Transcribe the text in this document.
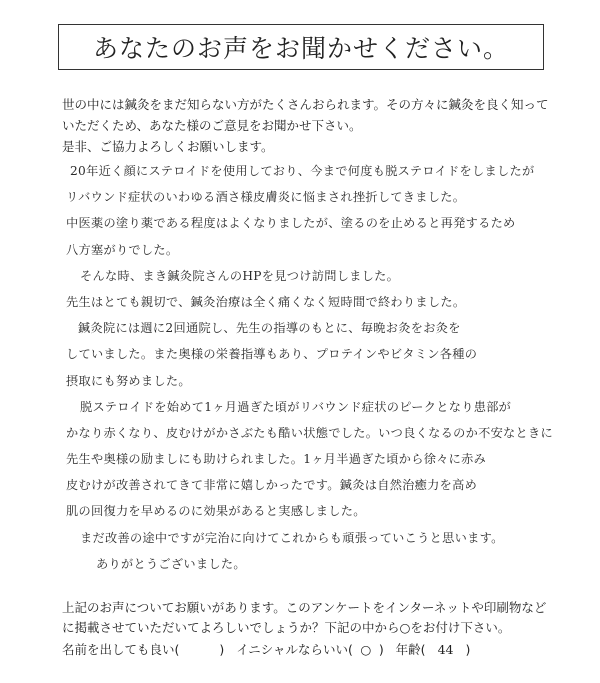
あなたのお声をお聞かせください。
世の中には鍼灸をまだ知らない方がたくさんおられます。その方々に鍼灸を良く知って
いただくため、あなた様のご意見をお聞かせ下さい。
是非、ご協力よろしくお願いします。
20年近く顔にステロイドを使用しており、今まで何度も脱ステロイドをしましたが
リバウンド症状のいわゆる酒さ様皮膚炎に悩まされ挫折してきました。
中医薬の塗り薬である程度はよくなりましたが、塗るのを止めると再発するため
八方塞がりでした。
そんな時、まき鍼灸院さんのHPを見つけ訪問しました。
先生はとても親切で、鍼灸治療は全く痛くなく短時間で終わりました。
鍼灸院には週に2回通院し、先生の指導のもとに、毎晩お灸をお灸を
していました。また奥様の栄養指導もあり、プロテインやビタミン各種の
摂取にも努めました。
脱ステロイドを始めて1ヶ月過ぎた頃がリバウンド症状のピークとなり患部が
かなり赤くなり、皮むけがかさぶたも酷い状態でした。いつ良くなるのか不安なときに
先生や奥様の励ましにも助けられました。1ヶ月半過ぎた頃から徐々に赤み
皮むけが改善されてきて非常に嬉しかったです。鍼灸は自然治癒力を高め
肌の回復力を早めるのに効果があると実感しました。
まだ改善の途中ですが完治に向けてこれからも頑張っていこうと思います。
ありがとうございました。
上記のお声についてお願いがあります。このアンケートをインターネットや印刷物など
に掲載させていただいてよろしいでしょうか？下記の中から○をお付け下さい。
名前を出しても良い(	) イニシャルならいい( ○ ) 年齢( 44 )
